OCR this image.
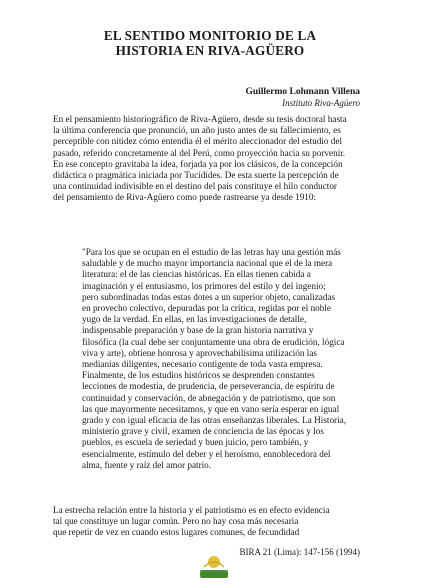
EL SENTIDO MONITORIO DE LA
HISTORIA EN RIVA-AGÜERO
Guillermo Lohmann Villena
Instituto Riva-Agüero
En el pensamiento historiográfico de Riva-Agüero, desde su tesis doctoral hasta
la última conferencia que pronunció, un año justo antes de su fallecimiento, es
perceptible con nitidez cómo entendía él el mérito aleccionador del estudio del
pasado, referido concretamente al del Perú, como proyección hacia su porvenir.
En ese concepto gravitaba la idea, forjada ya por los clásicos, de la concepción
didáctica o pragmática iniciada por Tucídides. De esta suerte la percepción de
una continuidad indivisible en el destino del país constituye el hilo conductor
del pensamiento de Riva-Agüero como puede rastrearse ya desde 1910:
"Para los que se ocupan en el estudio de las letras hay una gestión más
saludable y de mucho mayor importancia nacional que el de la mera
literatura: el de las ciencias históricas. En ellas tienen cabida a
imaginación y el entusiasmo, los primores del estilo y del ingenio;
pero subordinadas todas estas dotes a un superior objeto, canalizadas
en provecho colectivo, depuradas por la crítica, regidas por el noble
yugo de la verdad. En ellas, en las investigaciones de detalle,
indispensable preparación y base de la gran historia narrativa y
filosófica (la cual debe ser conjuntamente una obra de erudición, lógica
viva y arte), obtiene honrosa y aprovechabilísima utilización las
medianías diligentes, necesario contigente de toda vasta empresa.
Finalmente, de los estudios históricos se desprenden constantes
lecciones de modestia, de prudencia, de perseverancia, de espíritu de
continuidad y conservación, de abnegación y de patriotismo, que son
las que mayormente necesitamos, y que en vano sería esperar en igual
grado y con igual eficacia de las otras enseñanzas liberales. La Historia,
ministerio grave y civil, examen de conciencia de las épocas y los
pueblos, es escuela de seriedad y buen juicio, pero también, y
esencialmente, estímulo del deber y el heroísmo, ennoblecedora del
alma, fuente y raíz del amor patrio.
La estrecha relación entre la historia y el patriotismo es en efecto evidencia
tal que constituye un lugar común. Pero no hay cosa más necesaria
que repetir de vez en cuando estos lugares comunes, de fecundidad
BIRA 21 (Lima): 147-156 (1994)
SOUEDI
